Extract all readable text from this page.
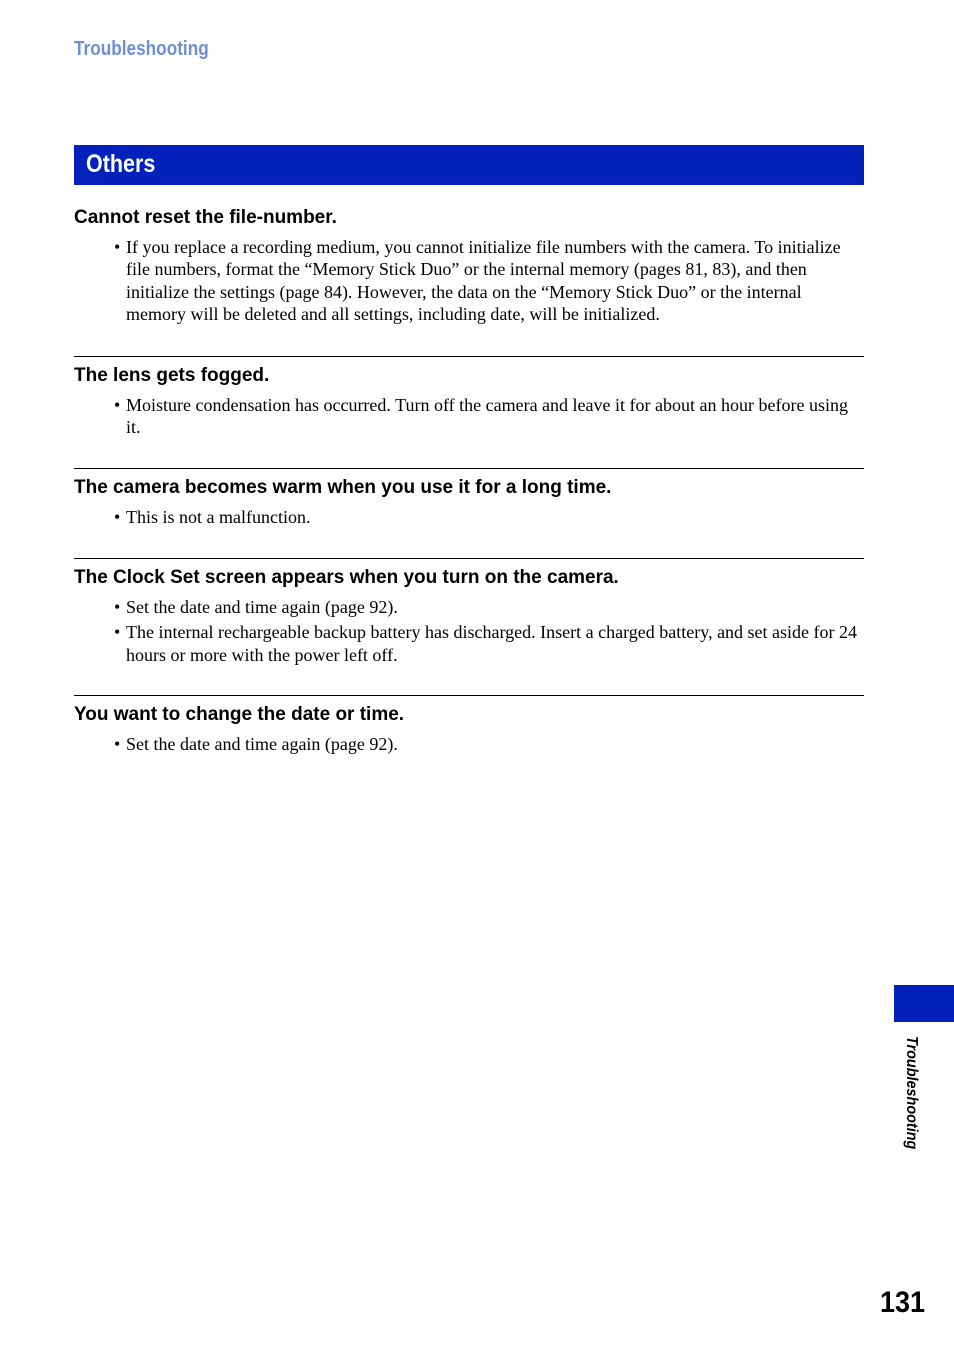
Troubleshooting
Others
Cannot reset the file-number.
• If you replace a recording medium, you cannot initialize file numbers with the camera. To initialize file numbers, format the “Memory Stick Duo” or the internal memory (pages 81, 83), and then initialize the settings (page 84). However, the data on the “Memory Stick Duo” or the internal memory will be deleted and all settings, including date, will be initialized.
The lens gets fogged.
• Moisture condensation has occurred. Turn off the camera and leave it for about an hour before using it.
The camera becomes warm when you use it for a long time.
• This is not a malfunction.
The Clock Set screen appears when you turn on the camera.
• Set the date and time again (page 92).
• The internal rechargeable backup battery has discharged. Insert a charged battery, and set aside for 24 hours or more with the power left off.
You want to change the date or time.
• Set the date and time again (page 92).
Troubleshooting
131
